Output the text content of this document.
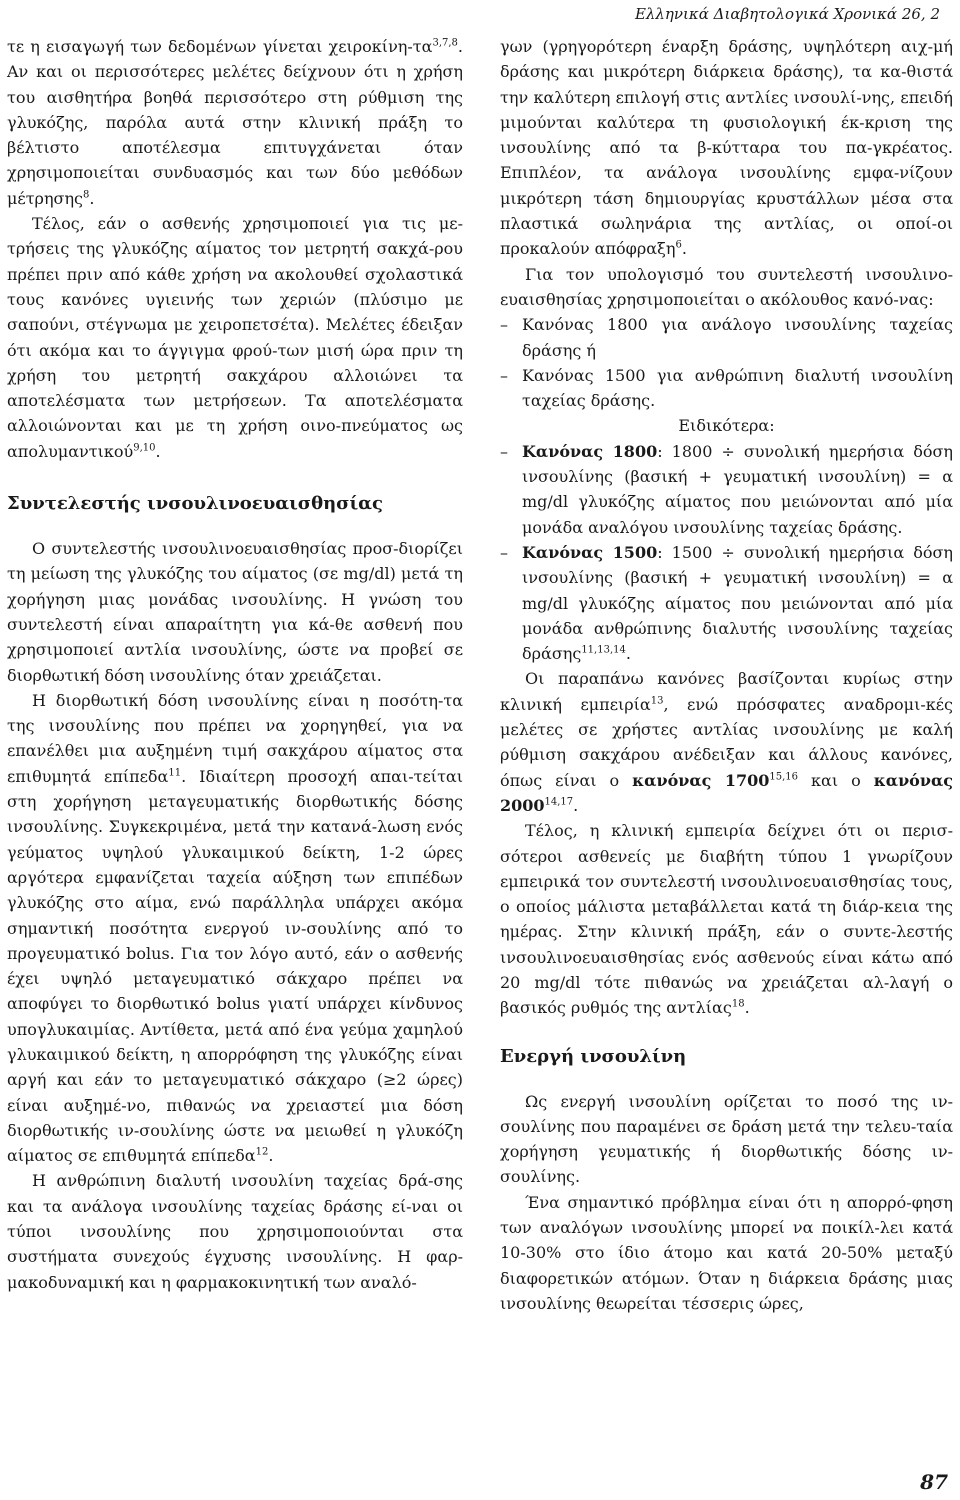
Ελληνικά Διαβητολογικά Χρονικά 26, 2

τε η εισαγωγή των δεδομένων γίνεται χειροκίνη-τα$^{3,7,8}$. Αν και οι περισσότερες μελέτες δείχνουν ότι η χρήση του αισθητήρα βοηθά περισσότερο στη ρύθμιση της γλυκόζης, παρόλα αυτά στην κλινική πράξη το βέλτιστο αποτέλεσμα επιτυγχάνεται όταν χρησιμοποιείται συνδυασμός και των δύο μεθόδων μέτρησης$^8$.

Τέλος, εάν ο ασθενής χρησιμοποιεί για τις με-τρήσεις της γλυκόζης αίματος τον μετρητή σακχά-ρου πρέπει πριν από κάθε χρήση να ακολουθεί σχολαστικά τους κανόνες υγιεινής των χεριών (πλύσιμο με σαπούνι, στέγνωμα με χειροπετσέτα). Μελέτες έδειξαν ότι ακόμα και το άγγιγμα φρού-των μισή ώρα πριν τη χρήση του μετρητή σακχάρου αλλοιώνει τα αποτελέσματα των μετρήσεων. Τα αποτελέσματα αλλοιώνονται και με τη χρήση οινο-πνεύματος ως απολυμαντικού$^{9,10}$.

Συντελεστής ινσουλινοευαισθησίας

Ο συντελεστής ινσουλινοευαισθησίας προσ-διορίζει τη μείωση της γλυκόζης του αίματος (σε mg/dl) μετά τη χορήγηση μιας μονάδας ινσουλίνης. Η γνώση του συντελεστή είναι απαραίτητη για κά-θε ασθενή που χρησιμοποιεί αντλία ινσουλίνης, ώστε να προβεί σε διορθωτική δόση ινσουλίνης όταν χρειάζεται.

Η διορθωτική δόση ινσουλίνης είναι η ποσότη-τα της ινσουλίνης που πρέπει να χορηγηθεί, για να επανέλθει μια αυξημένη τιμή σακχάρου αίματος στα επιθυμητά επίπεδα$^{11}$. Ιδιαίτερη προσοχή απαι-τείται στη χορήγηση μεταγευματικής διορθωτικής δόσης ινσουλίνης. Συγκεκριμένα, μετά την κατανά-λωση ενός γεύματος υψηλού γλυκαιμικού δείκτη, 1-2 ώρες αργότερα εμφανίζεται ταχεία αύξηση των επιπέδων γλυκόζης στο αίμα, ενώ παράλληλα υπάρχει ακόμα σημαντική ποσότητα ενεργού ιν-σουλίνης από το προγευματικό bolus. Για τον λόγο αυτό, εάν ο ασθενής έχει υψηλό μεταγευματικό σάκχαρο πρέπει να αποφύγει το διορθωτικό bolus γιατί υπάρχει κίνδυνος υπογλυκαιμίας. Αντίθετα, μετά από ένα γεύμα χαμηλού γλυκαιμικού δείκτη, η απορρόφηση της γλυκόζης είναι αργή και εάν το μεταγευματικό σάκχαρο (≥2 ώρες) είναι αυξημέ-νο, πιθανώς να χρειαστεί μια δόση διορθωτικής ιν-σουλίνης ώστε να μειωθεί η γλυκόζη αίματος σε επιθυμητά επίπεδα$^{12}$.

Η ανθρώπινη διαλυτή ινσουλίνη ταχείας δρά-σης και τα ανάλογα ινσουλίνης ταχείας δράσης εί-ναι οι τύποι ινσουλίνης που χρησιμοποιούνται στα συστήματα συνεχούς έγχυσης ινσουλίνης. Η φαρ-μακοδυναμική και η φαρμακοκινητική των αναλό-

γων (γρηγορότερη έναρξη δράσης, υψηλότερη αιχ-μή δράσης και μικρότερη διάρκεια δράσης), τα κα-θιστά την καλύτερη επιλογή στις αντλίες ινσουλί-νης, επειδή μιμούνται καλύτερα τη φυσιολογική έκ-κριση της ινσουλίνης από τα β-κύτταρα του πα-γκρέατος. Επιπλέον, τα ανάλογα ινσουλίνης εμφα-νίζουν μικρότερη τάση δημιουργίας κρυστάλλων μέσα στα πλαστικά σωληνάρια της αντλίας, οι οποί-οι προκαλούν απόφραξη$^6$.

Για τον υπολογισμό του συντελεστή ινσουλινο-ευαισθησίας χρησιμοποιείται ο ακόλουθος κανό-νας:

– Κανόνας 1800 για ανάλογο ινσουλίνης ταχείας δράσης ή
– Κανόνας 1500 για ανθρώπινη διαλυτή ινσουλίνη ταχείας δράσης.

Ειδικότερα:

– Κανόνας 1800: 1800 ÷ συνολική ημερήσια δόση ινσουλίνης (βασική + γευματική ινσουλίνη) = α mg/dl γλυκόζης αίματος που μειώνονται από μία μονάδα αναλόγου ινσουλίνης ταχείας δράσης.
– Κανόνας 1500: 1500 ÷ συνολική ημερήσια δόση ινσουλίνης (βασική + γευματική ινσουλίνη) = α mg/dl γλυκόζης αίματος που μειώνονται από μία μονάδα ανθρώπινης διαλυτής ινσουλίνης ταχείας δράσης$^{11,13,14}$.

Οι παραπάνω κανόνες βασίζονται κυρίως στην κλινική εμπειρία$^{13}$, ενώ πρόσφατες αναδρομι-κές μελέτες σε χρήστες αντλίας ινσουλίνης με καλή ρύθμιση σακχάρου ανέδειξαν και άλλους κανόνες, όπως είναι ο κανόνας 1700$^{15,16}$ και ο κανόνας 2000$^{14,17}$.

Τέλος, η κλινική εμπειρία δείχνει ότι οι περισ-σότεροι ασθενείς με διαβήτη τύπου 1 γνωρίζουν εμπειρικά τον συντελεστή ινσουλινοευαισθησίας τους, ο οποίος μάλιστα μεταβάλλεται κατά τη διάρ-κεια της ημέρας. Στην κλινική πράξη, εάν ο συντε-λεστής ινσουλινοευαισθησίας ενός ασθενούς είναι κάτω από 20 mg/dl τότε πιθανώς να χρειάζεται αλ-λαγή ο βασικός ρυθμός της αντλίας$^{18}$.

Ενεργή ινσουλίνη

Ως ενεργή ινσουλίνη ορίζεται το ποσό της ιν-σουλίνης που παραμένει σε δράση μετά την τελευ-ταία χορήγηση γευματικής ή διορθωτικής δόσης ιν-σουλίνης.

Ένα σημαντικό πρόβλημα είναι ότι η απορρό-φηση των αναλόγων ινσουλίνης μπορεί να ποικίλ-λει κατά 10-30% στο ίδιο άτομο και κατά 20-50% μεταξύ διαφορετικών ατόμων. Όταν η διάρκεια δράσης μιας ινσουλίνης θεωρείται τέσσερις ώρες,

87
